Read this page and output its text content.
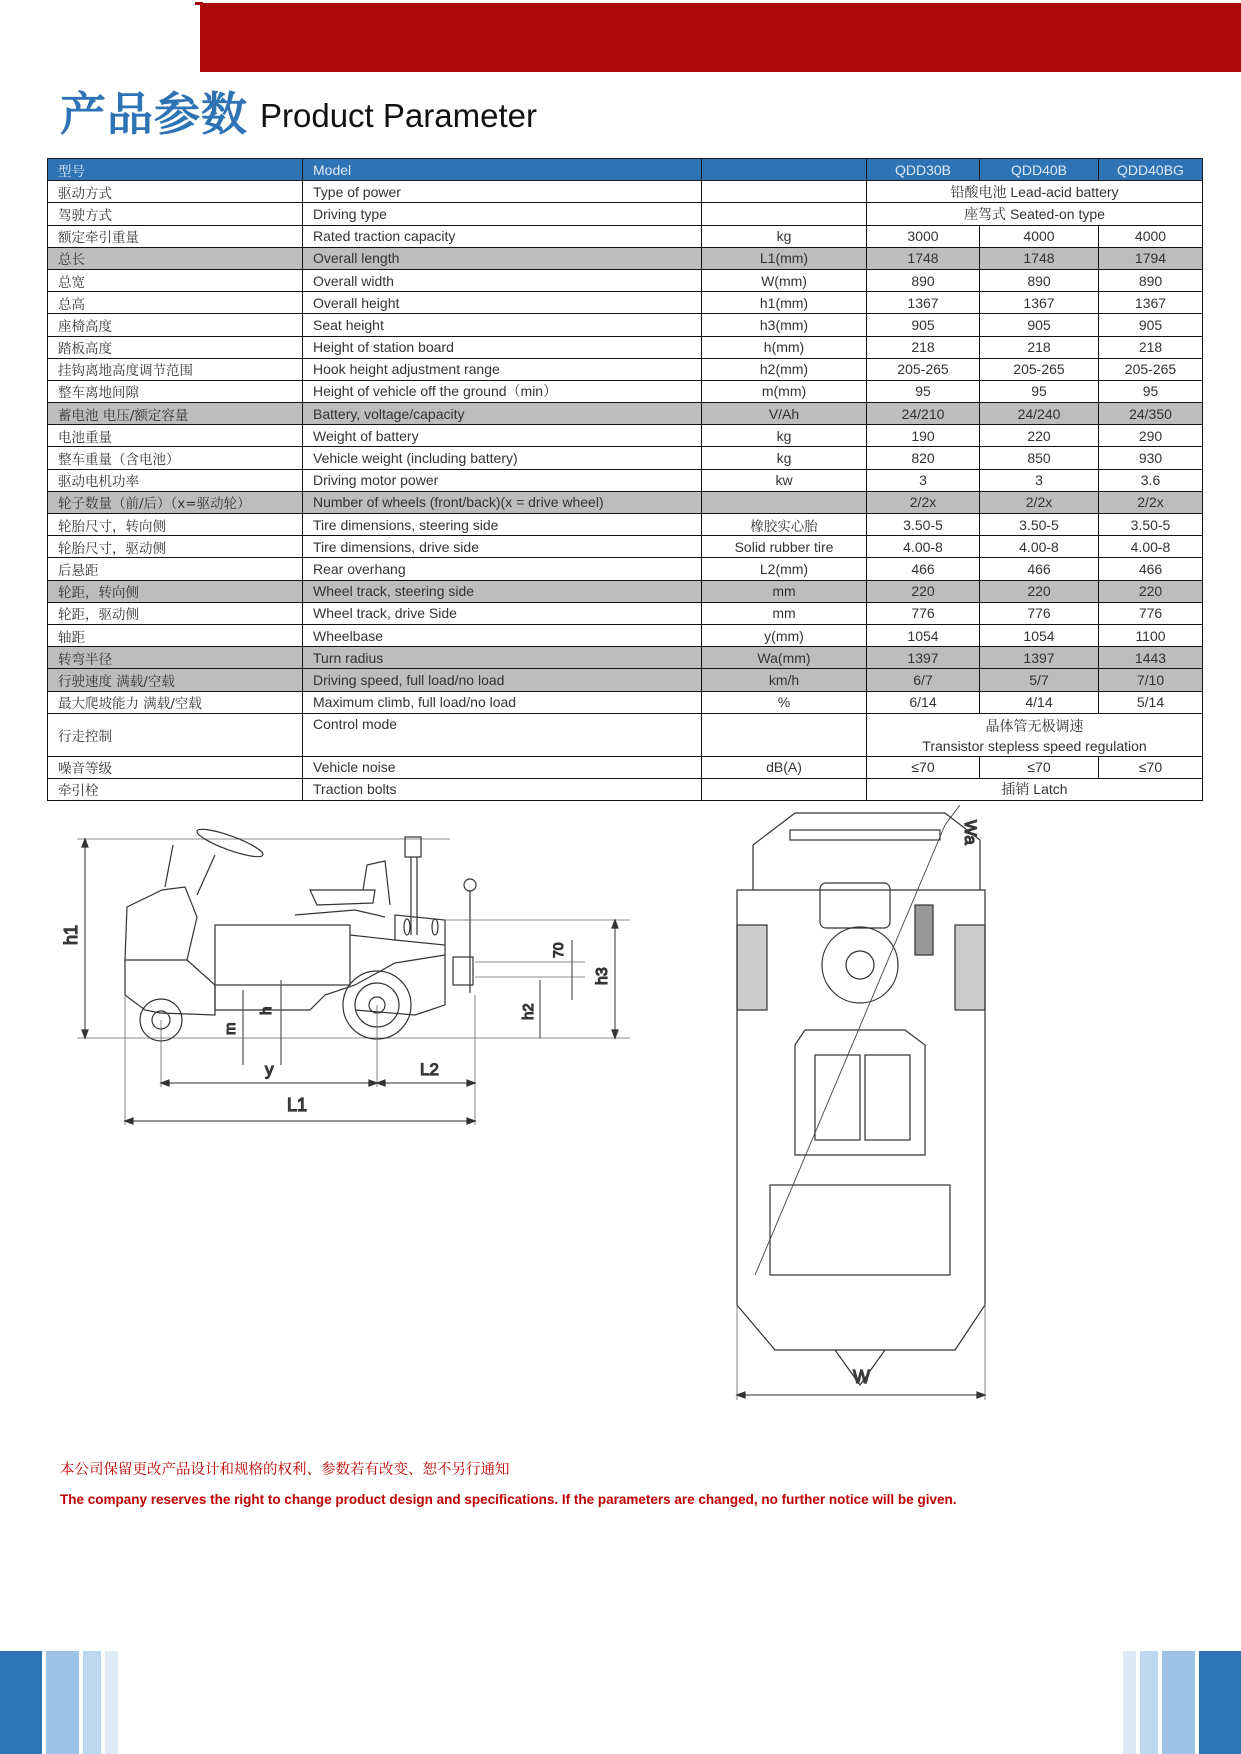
产品参数 Product Parameter
型号	Model		QDD30B	QDD40B	QDD40BG
驱动方式	Type of power		铅酸电池 Lead-acid battery		
驾驶方式	Driving type		座驾式 Seated-on type		
额定牵引重量	Rated traction capacity	kg	3000	4000	4000
总长	Overall length	L1(mm)	1748	1748	1794
总宽	Overall width	W(mm)	890	890	890
总高	Overall height	h1(mm)	1367	1367	1367
座椅高度	Seat height	h3(mm)	905	905	905
踏板高度	Height of station board	h(mm)	218	218	218
挂钩离地高度调节范围	Hook height adjustment range	h2(mm)	205-265	205-265	205-265
整车离地间隙	Height of vehicle off the ground（min）	m(mm)	95	95	95
蓄电池 电压/额定容量	Battery, voltage/capacity	V/Ah	24/210	24/240	24/350
电池重量	Weight of battery	kg	190	220	290
整车重量（含电池）	Vehicle weight (including battery)	kg	820	850	930
驱动电机功率	Driving motor power	kw	3	3	3.6
轮子数量（前/后）（x=驱动轮）	Number of wheels (front/back)(x = drive wheel)		2/2x	2/2x	2/2x
轮胎尺寸，转向侧	Tire dimensions, steering side	橡胶实心胎	3.50-5	3.50-5	3.50-5
轮胎尺寸，驱动侧	Tire dimensions, drive side	Solid rubber tire	4.00-8	4.00-8	4.00-8
后悬距	Rear overhang	L2(mm)	466	466	466
轮距，转向侧	Wheel track, steering side	mm	220	220	220
轮距，驱动侧	Wheel track, drive Side	mm	776	776	776
轴距	Wheelbase	y(mm)	1054	1054	1100
转弯半径	Turn radius	Wa(mm)	1397	1397	1443
行驶速度 满载/空载	Driving speed, full load/no load	km/h	6/7	5/7	7/10
最大爬坡能力 满载/空载	Maximum climb, full load/no load	%	6/14	4/14	5/14
行走控制	Control mode		晶体管无极调速
Transistor stepless speed regulation		

噪音等级	Vehicle noise	dB(A)	≤70	≤70	≤70
牵引栓	Traction bolts		插销 Latch		
h1
h3
70
h2
h
m
y	L2
L1
Wa
W
本公司保留更改产品设计和规格的权利、参数若有改变、恕不另行通知
The company reserves the right to change product design and specifications. If the parameters are changed, no further notice will be given.
